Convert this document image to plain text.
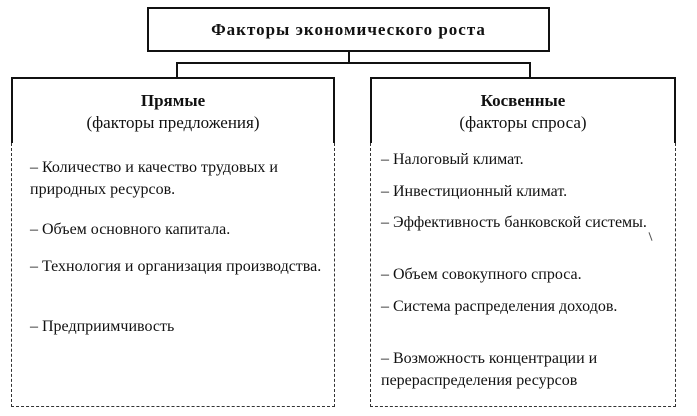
Факторы экономического роста
Прямые
(факторы предложения)
Косвенные
(факторы спроса)
– Количество и качество трудовых и природных ресурсов.
– Объем основного капитала.
– Технология и организация производства.
– Предприимчивость
– Налоговый климат.
– Инвестиционный климат.
– Эффективность банковской системы.
– Объем совокупного спроса.
– Система распределения доходов.
– Возможность концентрации и перераспределения ресурсов
